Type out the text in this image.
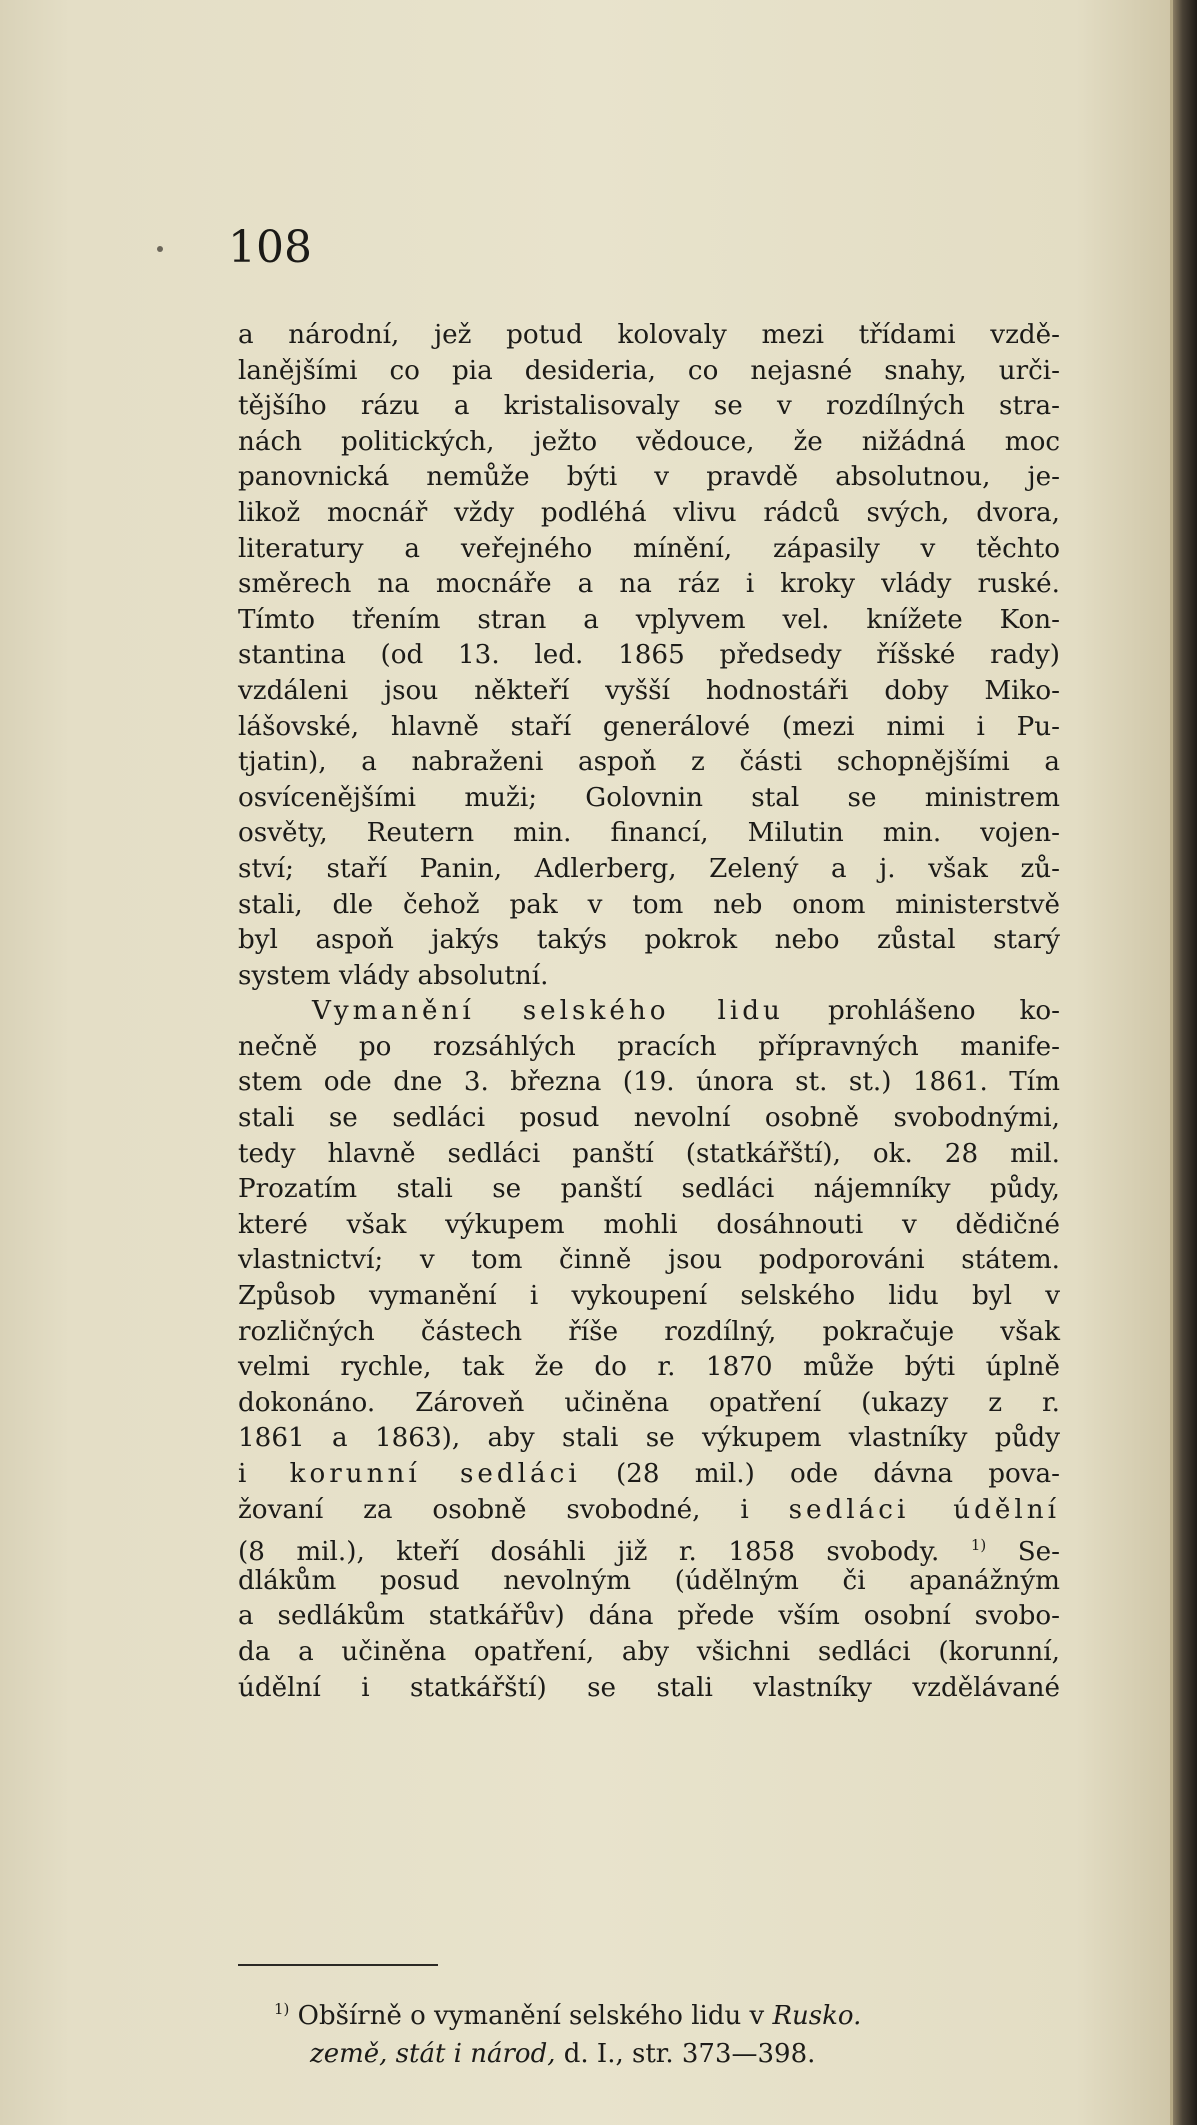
108
a národní, jež potud kolovaly mezi třídami vzdě-
lanějšími co pia desideria, co nejasné snahy, urči-
tějšího rázu a kristalisovaly se v rozdílných stra-
nách politických, ježto vědouce, že nižádná moc
panovnická nemůže býti v pravdě absolutnou, je-
likož mocnář vždy podléhá vlivu rádců svých, dvora,
literatury a veřejného mínění, zápasily v těchto
směrech na mocnáře a na ráz i kroky vlády ruské.
Tímto třením stran a vplyvem vel. knížete Kon-
stantina (od 13. led. 1865 předsedy říšské rady)
vzdáleni jsou někteří vyšší hodnostáři doby Miko-
lášovské, hlavně staří generálové (mezi nimi i Pu-
tjatin), a nabraženi aspoň z části schopnějšími a
osvícenějšími muži; Golovnin stal se ministrem
osvěty, Reutern min. financí, Milutin min. vojen-
ství; staří Panin, Adlerberg, Zelený a j. však zů-
stali, dle čehož pak v tom neb onom ministerstvě
byl aspoň jakýs takýs pokrok nebo zůstal starý
system vlády absolutní.
Vymanění selského lidu prohlášeno ko-
nečně po rozsáhlých pracích přípravných manife-
stem ode dne 3. března (19. února st. st.) 1861. Tím
stali se sedláci posud nevolní osobně svobodnými,
tedy hlavně sedláci panští (statkářští), ok. 28 mil.
Prozatím stali se panští sedláci nájemníky půdy,
které však výkupem mohli dosáhnouti v dědičné
vlastnictví; v tom činně jsou podporováni státem.
Způsob vymanění i vykoupení selského lidu byl v
rozličných částech říše rozdílný, pokračuje však
velmi rychle, tak že do r. 1870 může býti úplně
dokonáno. Zároveň učiněna opatření (ukazy z r.
1861 a 1863), aby stali se výkupem vlastníky půdy
i korunní sedláci (28 mil.) ode dávna pova-
žovaní za osobně svobodné, i sedláci údělní
(8 mil.), kteří dosáhli již r. 1858 svobody. $^{1)}$ Se-
dlákům posud nevolným (údělným či apanážným
a sedlákům statkářův) dána přede vším osobní svobo-
da a učiněna opatření, aby všichni sedláci (korunní,
údělní i statkářští) se stali vlastníky vzdělávané
$^{1)}$ Obšírně o vymanění selského lidu v Rusko.
země, stát i národ, d. I., str. 373—398.
